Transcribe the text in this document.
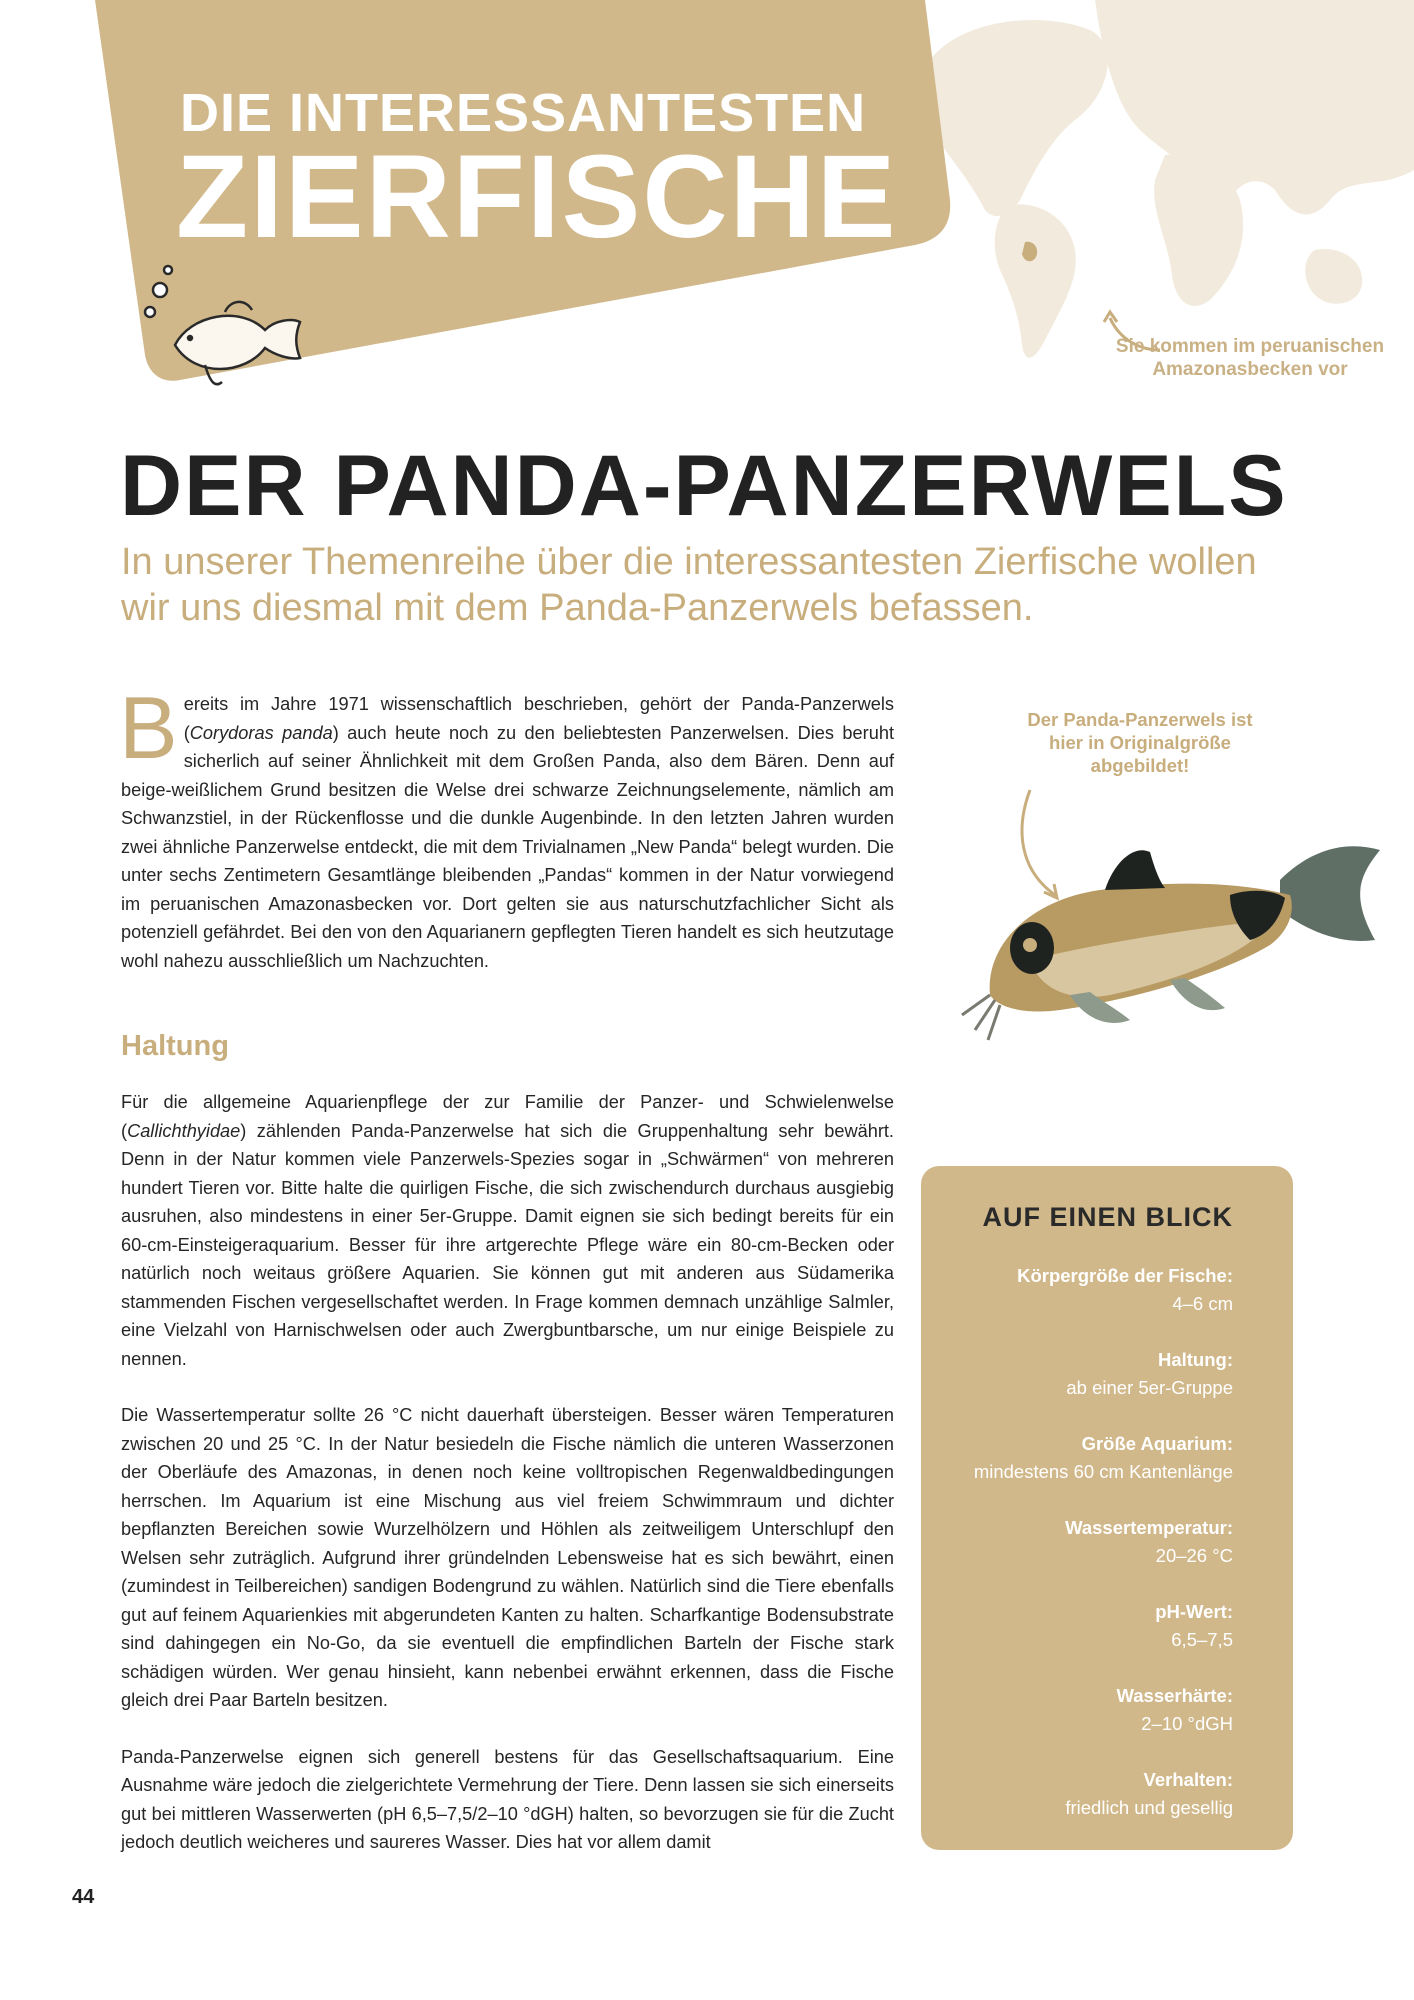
DIE INTERESSANTESTEN
ZIERFISCHE
Sie kommen im peruanischen Amazonasbecken vor
DER PANDA-PANZERWELS
In unserer Themenreihe über die interessantesten Zierfische wollen wir uns diesmal mit dem Panda-Panzerwels befassen.

Bereits im Jahre 1971 wissenschaftlich beschrieben, gehört der Panda-Panzerwels (Corydoras panda) auch heute noch zu den beliebtesten Panzerwelsen. Dies beruht sicherlich auf seiner Ähnlichkeit mit dem Großen Panda, also dem Bären. Denn auf beige-weißlichem Grund besitzen die Welse drei schwarze Zeichnungselemente, nämlich am Schwanzstiel, in der Rückenflosse und die dunkle Augenbinde. In den letzten Jahren wurden zwei ähnliche Panzerwelse entdeckt, die mit dem Trivialnamen „New Panda“ belegt wurden. Die unter sechs Zentimetern Gesamtlänge bleibenden „Pandas“ kommen in der Natur vorwiegend im peruanischen Amazonasbecken vor. Dort gelten sie aus naturschutzfachlicher Sicht als potenziell gefährdet. Bei den von den Aquarianern gepflegten Tieren handelt es sich heutzutage wohl nahezu ausschließlich um Nachzuchten.

Haltung

Für die allgemeine Aquarienpflege der zur Familie der Panzer- und Schwielenwelse (Callichthyidae) zählenden Panda-Panzerwelse hat sich die Gruppenhaltung sehr bewährt. Denn in der Natur kommen viele Panzerwels-Spezies sogar in „Schwärmen“ von mehreren hundert Tieren vor. Bitte halte die quirligen Fische, die sich zwischendurch durchaus ausgiebig ausruhen, also mindestens in einer 5er-Gruppe. Damit eignen sie sich bedingt bereits für ein 60-cm-Einsteigeraquarium. Besser für ihre artgerechte Pflege wäre ein 80-cm-Becken oder natürlich noch weitaus größere Aquarien. Sie können gut mit anderen aus Südamerika stammenden Fischen vergesellschaftet werden. In Frage kommen demnach unzählige Salmler, eine Vielzahl von Harnischwelsen oder auch Zwergbuntbarsche, um nur einige Beispiele zu nennen.

Die Wassertemperatur sollte 26 °C nicht dauerhaft übersteigen. Besser wären Temperaturen zwischen 20 und 25 °C. In der Natur besiedeln die Fische nämlich die unteren Wasserzonen der Oberläufe des Amazonas, in denen noch keine volltropischen Regenwaldbedingungen herrschen. Im Aquarium ist eine Mischung aus viel freiem Schwimmraum und dichter bepflanzten Bereichen sowie Wurzelhölzern und Höhlen als zeitweiligem Unterschlupf den Welsen sehr zuträglich. Aufgrund ihrer gründelnden Lebensweise hat es sich bewährt, einen (zumindest in Teilbereichen) sandigen Bodengrund zu wählen. Natürlich sind die Tiere ebenfalls gut auf feinem Aquarienkies mit abgerundeten Kanten zu halten. Scharfkantige Bodensubstrate sind dahingegen ein No-Go, da sie eventuell die empfindlichen Barteln der Fische stark schädigen würden. Wer genau hinsieht, kann nebenbei erwähnt erkennen, dass die Fische gleich drei Paar Barteln besitzen.

Panda-Panzerwelse eignen sich generell bestens für das Gesellschaftsaquarium. Eine Ausnahme wäre jedoch die zielgerichtete Vermehrung der Tiere. Denn lassen sie sich einerseits gut bei mittleren Wasserwerten (pH 6,5–7,5/2–10 °dGH) halten, so bevorzugen sie für die Zucht jedoch deutlich weicheres und saureres Wasser. Dies hat vor allem damit

Der Panda-Panzerwels ist hier in Originalgröße abgebildet!
AUF EINEN BLICK
Körpergröße der Fische:
4–6 cm
Haltung:
ab einer 5er-Gruppe
Größe Aquarium:
mindestens 60 cm Kantenlänge
Wassertemperatur:
20–26 °C
pH-Wert:
6,5–7,5
Wasserhärte:
2–10 °dGH
Verhalten:
friedlich und gesellig
44
